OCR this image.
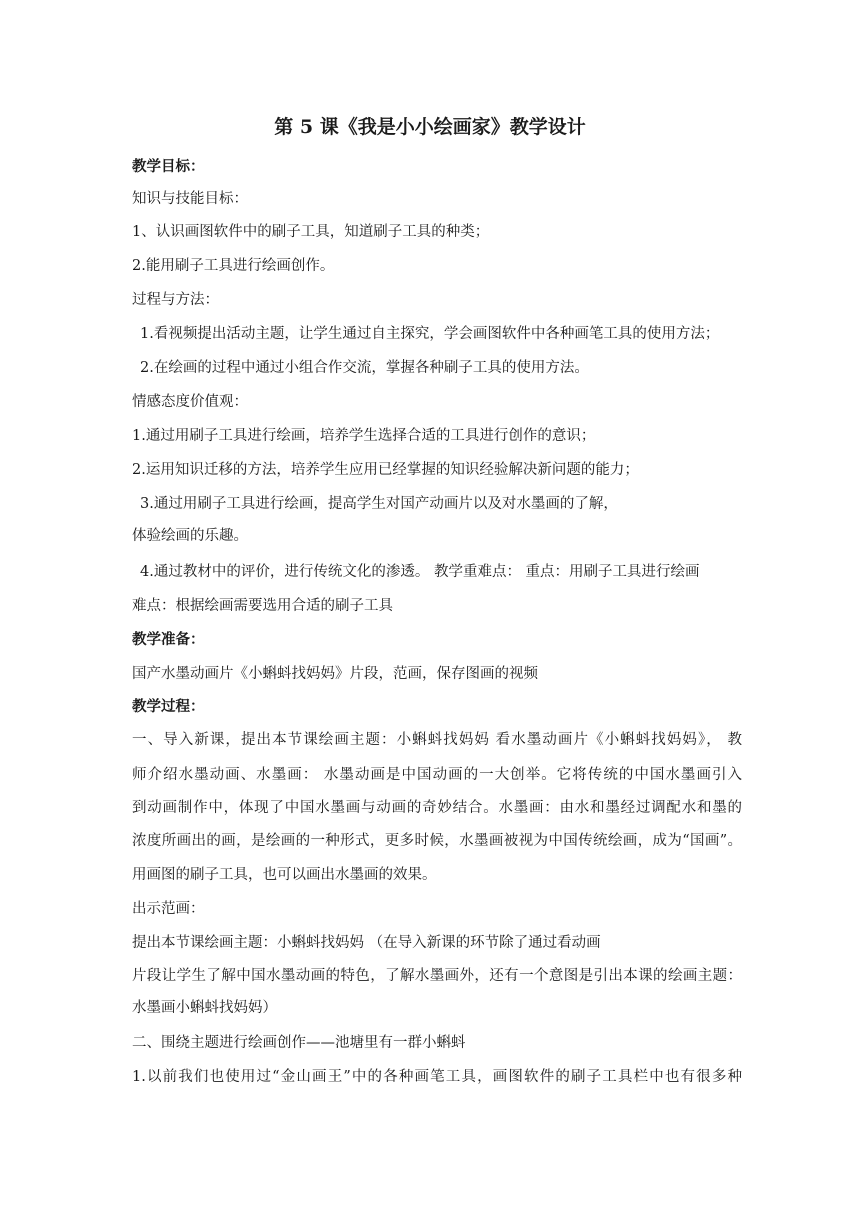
第 5 课《我是小小绘画家》教学设计
教学目标：
知识与技能目标：
1、认识画图软件中的刷子工具，知道刷子工具的种类；
2.能用刷子工具进行绘画创作。
过程与方法：
1.看视频提出活动主题，让学生通过自主探究，学会画图软件中各种画笔工具的使用方法；
2.在绘画的过程中通过小组合作交流，掌握各种刷子工具的使用方法。
情感态度价值观：
1.通过用刷子工具进行绘画，培养学生选择合适的工具进行创作的意识；
2.运用知识迁移的方法，培养学生应用已经掌握的知识经验解决新问题的能力；
3.通过用刷子工具进行绘画，提高学生对国产动画片以及对水墨画的了解，
体验绘画的乐趣。
4.通过教材中的评价，进行传统文化的渗透。 教学重难点： 重点：用刷子工具进行绘画
难点：根据绘画需要选用合适的刷子工具
教学准备：
国产水墨动画片《小蝌蚪找妈妈》片段，范画，保存图画的视频
教学过程：
一、导入新课，提出本节课绘画主题：小蝌蚪找妈妈 看水墨动画片《小蝌蚪找妈妈》， 教
师介绍水墨动画、水墨画： 水墨动画是中国动画的一大创举。它将传统的中国水墨画引入
到动画制作中，体现了中国水墨画与动画的奇妙结合。水墨画：由水和墨经过调配水和墨的
浓度所画出的画，是绘画的一种形式，更多时候，水墨画被视为中国传统绘画，成为“国画”。
用画图的刷子工具，也可以画出水墨画的效果。
出示范画：
提出本节课绘画主题：小蝌蚪找妈妈 （在导入新课的环节除了通过看动画
片段让学生了解中国水墨动画的特色，了解水墨画外，还有一个意图是引出本课的绘画主题：
水墨画小蝌蚪找妈妈）
二、围绕主题进行绘画创作——池塘里有一群小蝌蚪
1.以前我们也使用过“金山画王”中的各种画笔工具，画图软件的刷子工具栏中也有很多种
